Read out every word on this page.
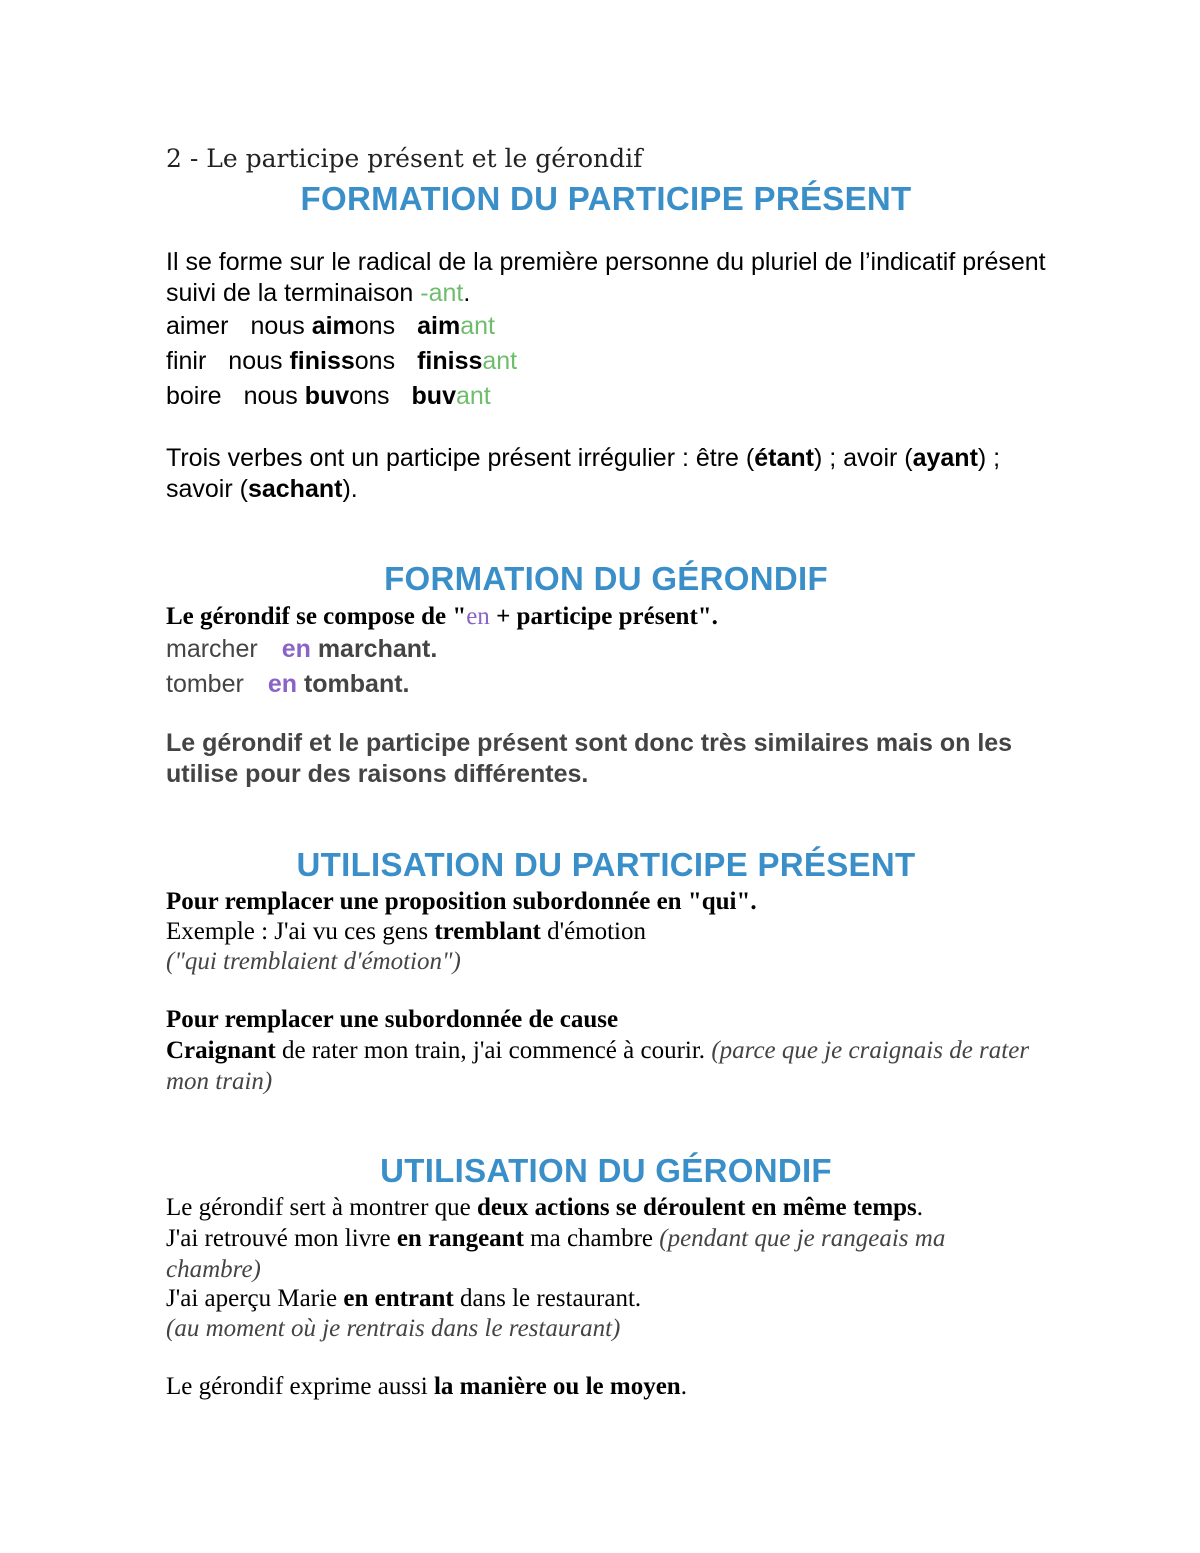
2 - Le participe présent et le gérondif
FORMATION DU PARTICIPE PRÉSENT
Il se forme sur le radical de la première personne du pluriel de l’indicatif présent suivi de la terminaison -ant.
aimer nous aimons aimant
finir nous finissons finissant
boire nous buvons buvant
Trois verbes ont un participe présent irrégulier : être (étant) ; avoir (ayant) ; savoir (sachant).
FORMATION DU GÉRONDIF
Le gérondif se compose de "en + participe présent".
marcher en marchant.
tomber en tombant.
Le gérondif et le participe présent sont donc très similaires mais on les utilise pour des raisons différentes.
UTILISATION DU PARTICIPE PRÉSENT
Pour remplacer une proposition subordonnée en "qui".
Exemple : J'ai vu ces gens tremblant d'émotion
("qui tremblaient d'émotion")
Pour remplacer une subordonnée de cause
Craignant de rater mon train, j'ai commencé à courir. (parce que je craignais de rater mon train)
UTILISATION DU GÉRONDIF
Le gérondif sert à montrer que deux actions se déroulent en même temps.
J'ai retrouvé mon livre en rangeant ma chambre (pendant que je rangeais ma chambre)
J'ai aperçu Marie en entrant dans le restaurant.
(au moment où je rentrais dans le restaurant)
Le gérondif exprime aussi la manière ou le moyen.
